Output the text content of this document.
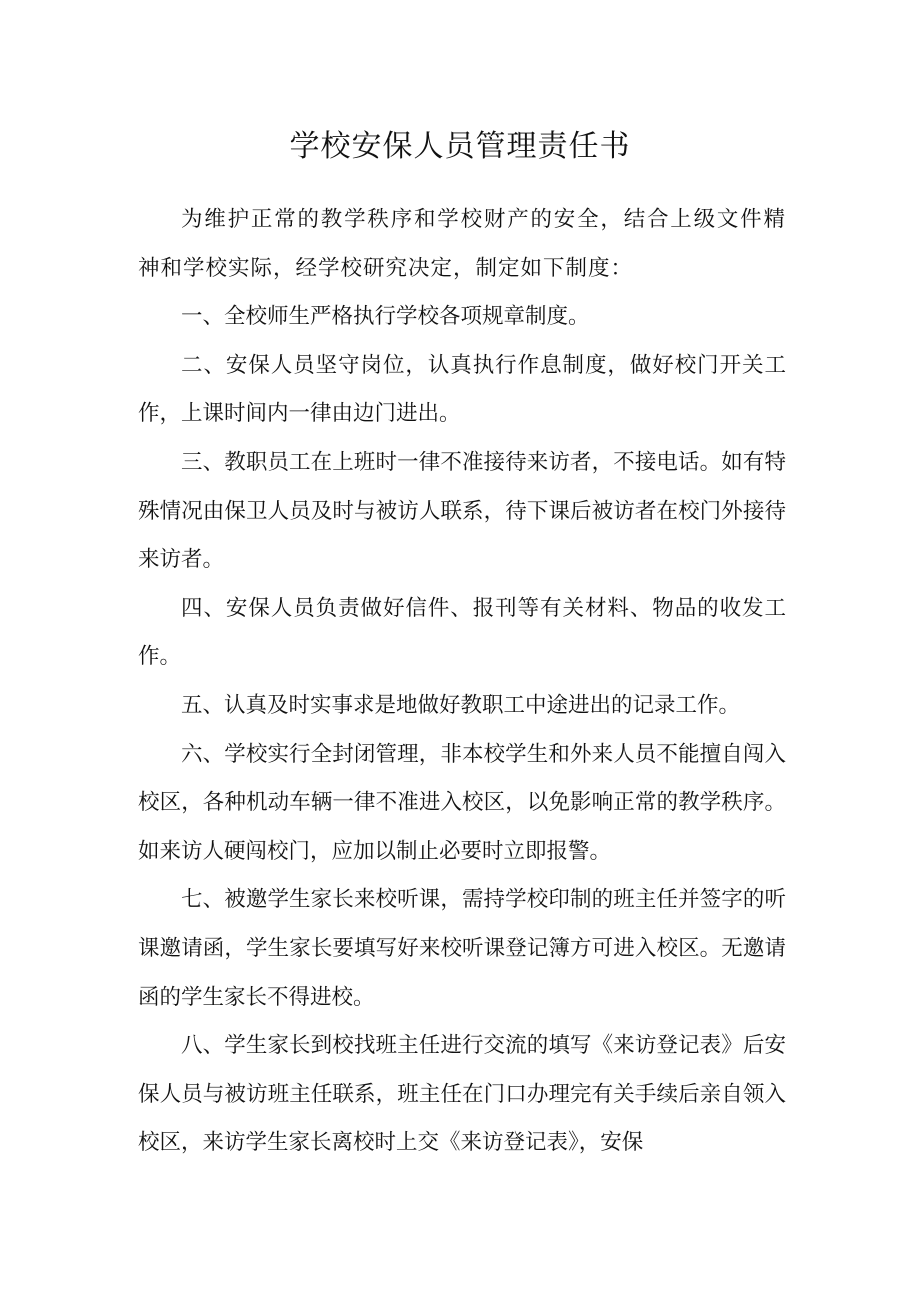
学校安保人员管理责任书

为维护正常的教学秩序和学校财产的安全，结合上级文件精神和学校实际，经学校研究决定，制定如下制度：

一、全校师生严格执行学校各项规章制度。

二、安保人员坚守岗位，认真执行作息制度，做好校门开关工作，上课时间内一律由边门进出。

三、教职员工在上班时一律不准接待来访者，不接电话。如有特殊情况由保卫人员及时与被访人联系，待下课后被访者在校门外接待来访者。

四、安保人员负责做好信件、报刊等有关材料、物品的收发工作。

五、认真及时实事求是地做好教职工中途进出的记录工作。

六、学校实行全封闭管理，非本校学生和外来人员不能擅自闯入校区，各种机动车辆一律不准进入校区，以免影响正常的教学秩序。如来访人硬闯校门，应加以制止必要时立即报警。

七、被邀学生家长来校听课，需持学校印制的班主任并签字的听课邀请函，学生家长要填写好来校听课登记簿方可进入校区。无邀请函的学生家长不得进校。

八、学生家长到校找班主任进行交流的填写《来访登记表》后安保人员与被访班主任联系，班主任在门口办理完有关手续后亲自领入校区，来访学生家长离校时上交《来访登记表》，安保
